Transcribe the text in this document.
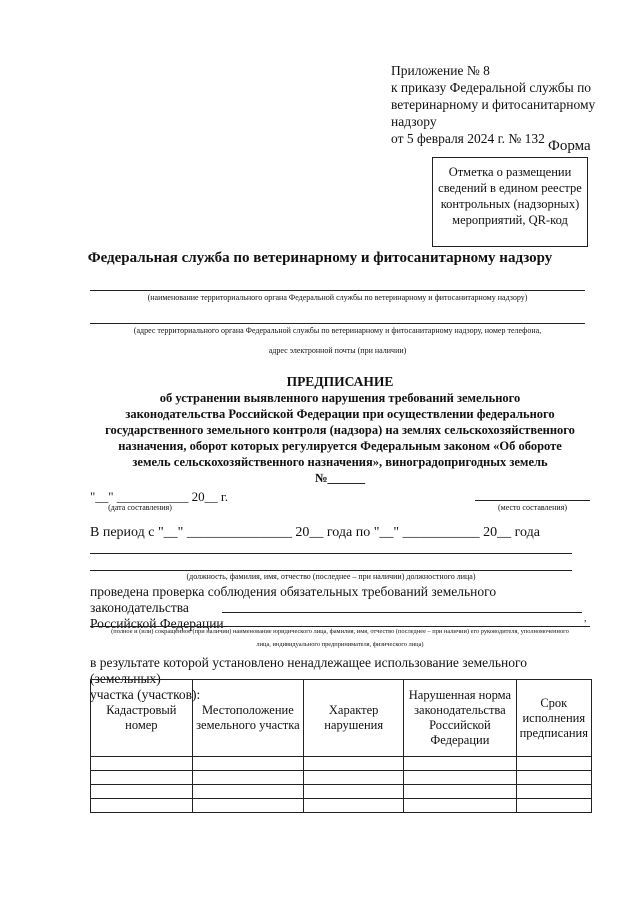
Приложение № 8
к приказу Федеральной службы по
ветеринарному и фитосанитарному
надзору
от 5 февраля 2024 г. № 132 Форма
Отметка о размещении
сведений в едином реестре
контрольных (надзорных)
мероприятий, QR-код
Федеральная служба по ветеринарному и фитосанитарному надзору
(наименование территориального органа Федеральной службы по ветеринарному и фитосанитарному надзору)
(адрес территориального органа Федеральной службы по ветеринарному и фитосанитарному надзору, номер телефона,
адрес электронной почты (при наличии)
ПРЕДПИСАНИЕ
об устранении выявленного нарушения требований земельного
законодательства Российской Федерации при осуществлении федерального
государственного земельного контроля (надзора) на землях сельскохозяйственного
назначения, оборот которых регулируется Федеральным законом «Об обороте
земель сельскохозяйственного назначения», виноградопригодных земель
№______
"__" ___________ 20__ г.
(дата составления)	(место составления)
В период с "__" _______________ 20__ года по "__" ___________ 20__ года
(должность, фамилия, имя, отчество (последнее – при наличии) должностного лица)
проведена проверка соблюдения обязательных требований земельного законодательства
Российской Федерации	,
(полное и (или) сокращенное (при наличии) наименование юридического лица, фамилия, имя, отчество (последнее – при наличии) его руководителя, уполномоченного
лица, индивидуального предпринимателя, физического лица)
в результате которой установлено ненадлежащее использование земельного (земельных)
участка (участков):
Кадастровый номер	Местоположение земельного участка	Характер нарушения	Нарушенная норма законодательства Российской Федерации	Срок исполнения предписания
